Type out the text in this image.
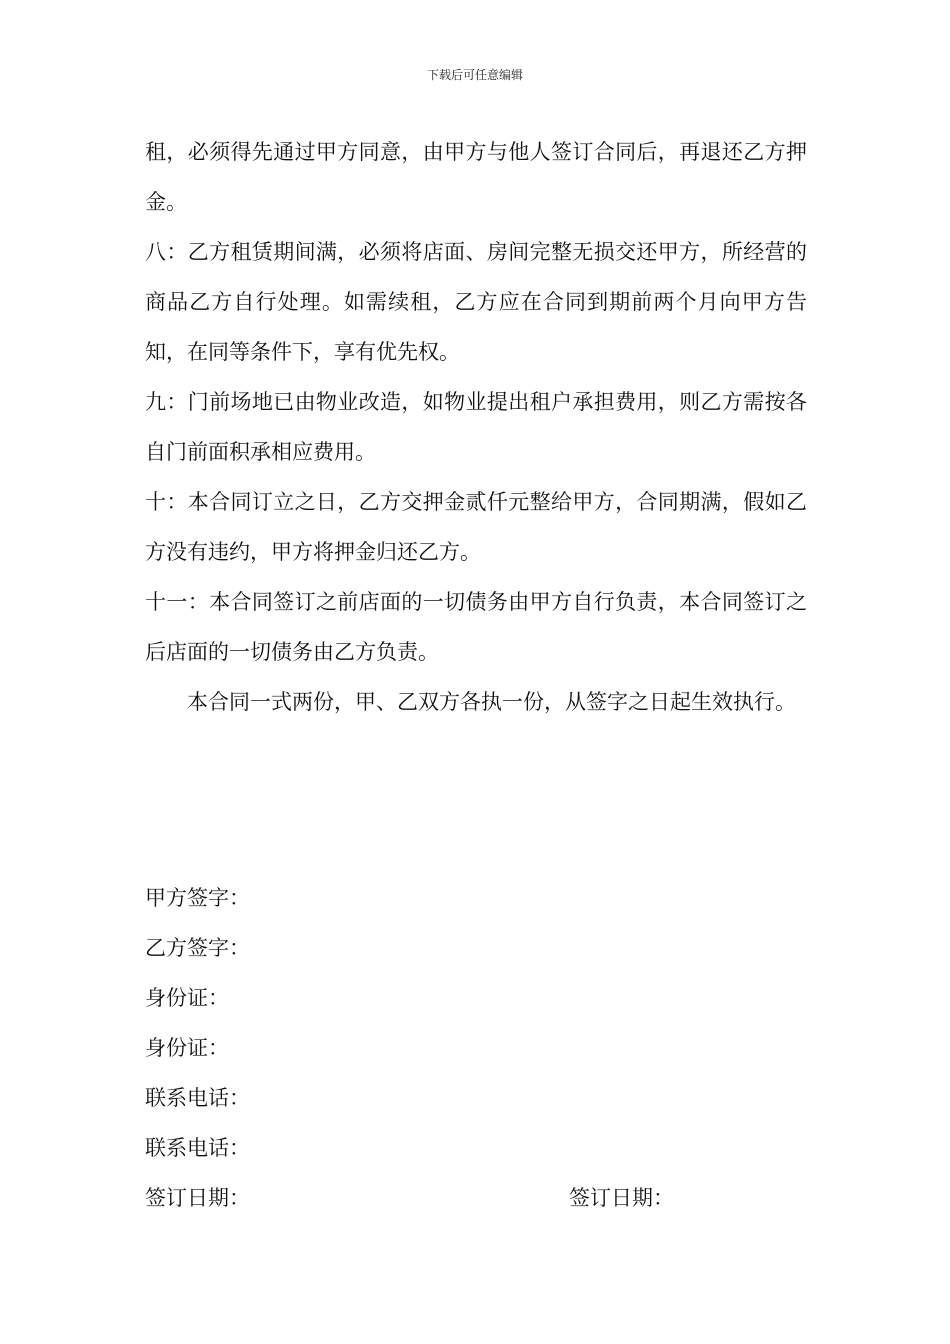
下载后可任意编辑

租，必须得先通过甲方同意，由甲方与他人签订合同后，再退还乙方押金。

八：乙方租赁期间满，必须将店面、房间完整无损交还甲方，所经营的商品乙方自行处理。如需续租，乙方应在合同到期前两个月向甲方告知，在同等条件下，享有优先权。

九：门前场地已由物业改造，如物业提出租户承担费用，则乙方需按各自门前面积承相应费用。

十：本合同订立之日，乙方交押金贰仟元整给甲方，合同期满，假如乙方没有违约，甲方将押金归还乙方。

十一：本合同签订之前店面的一切债务由甲方自行负责，本合同签订之后店面的一切债务由乙方负责。

本合同一式两份，甲、乙双方各执一份，从签字之日起生效执行。

甲方签字：
乙方签字：
身份证：
身份证：
联系电话：
联系电话：
签订日期：	签订日期：
